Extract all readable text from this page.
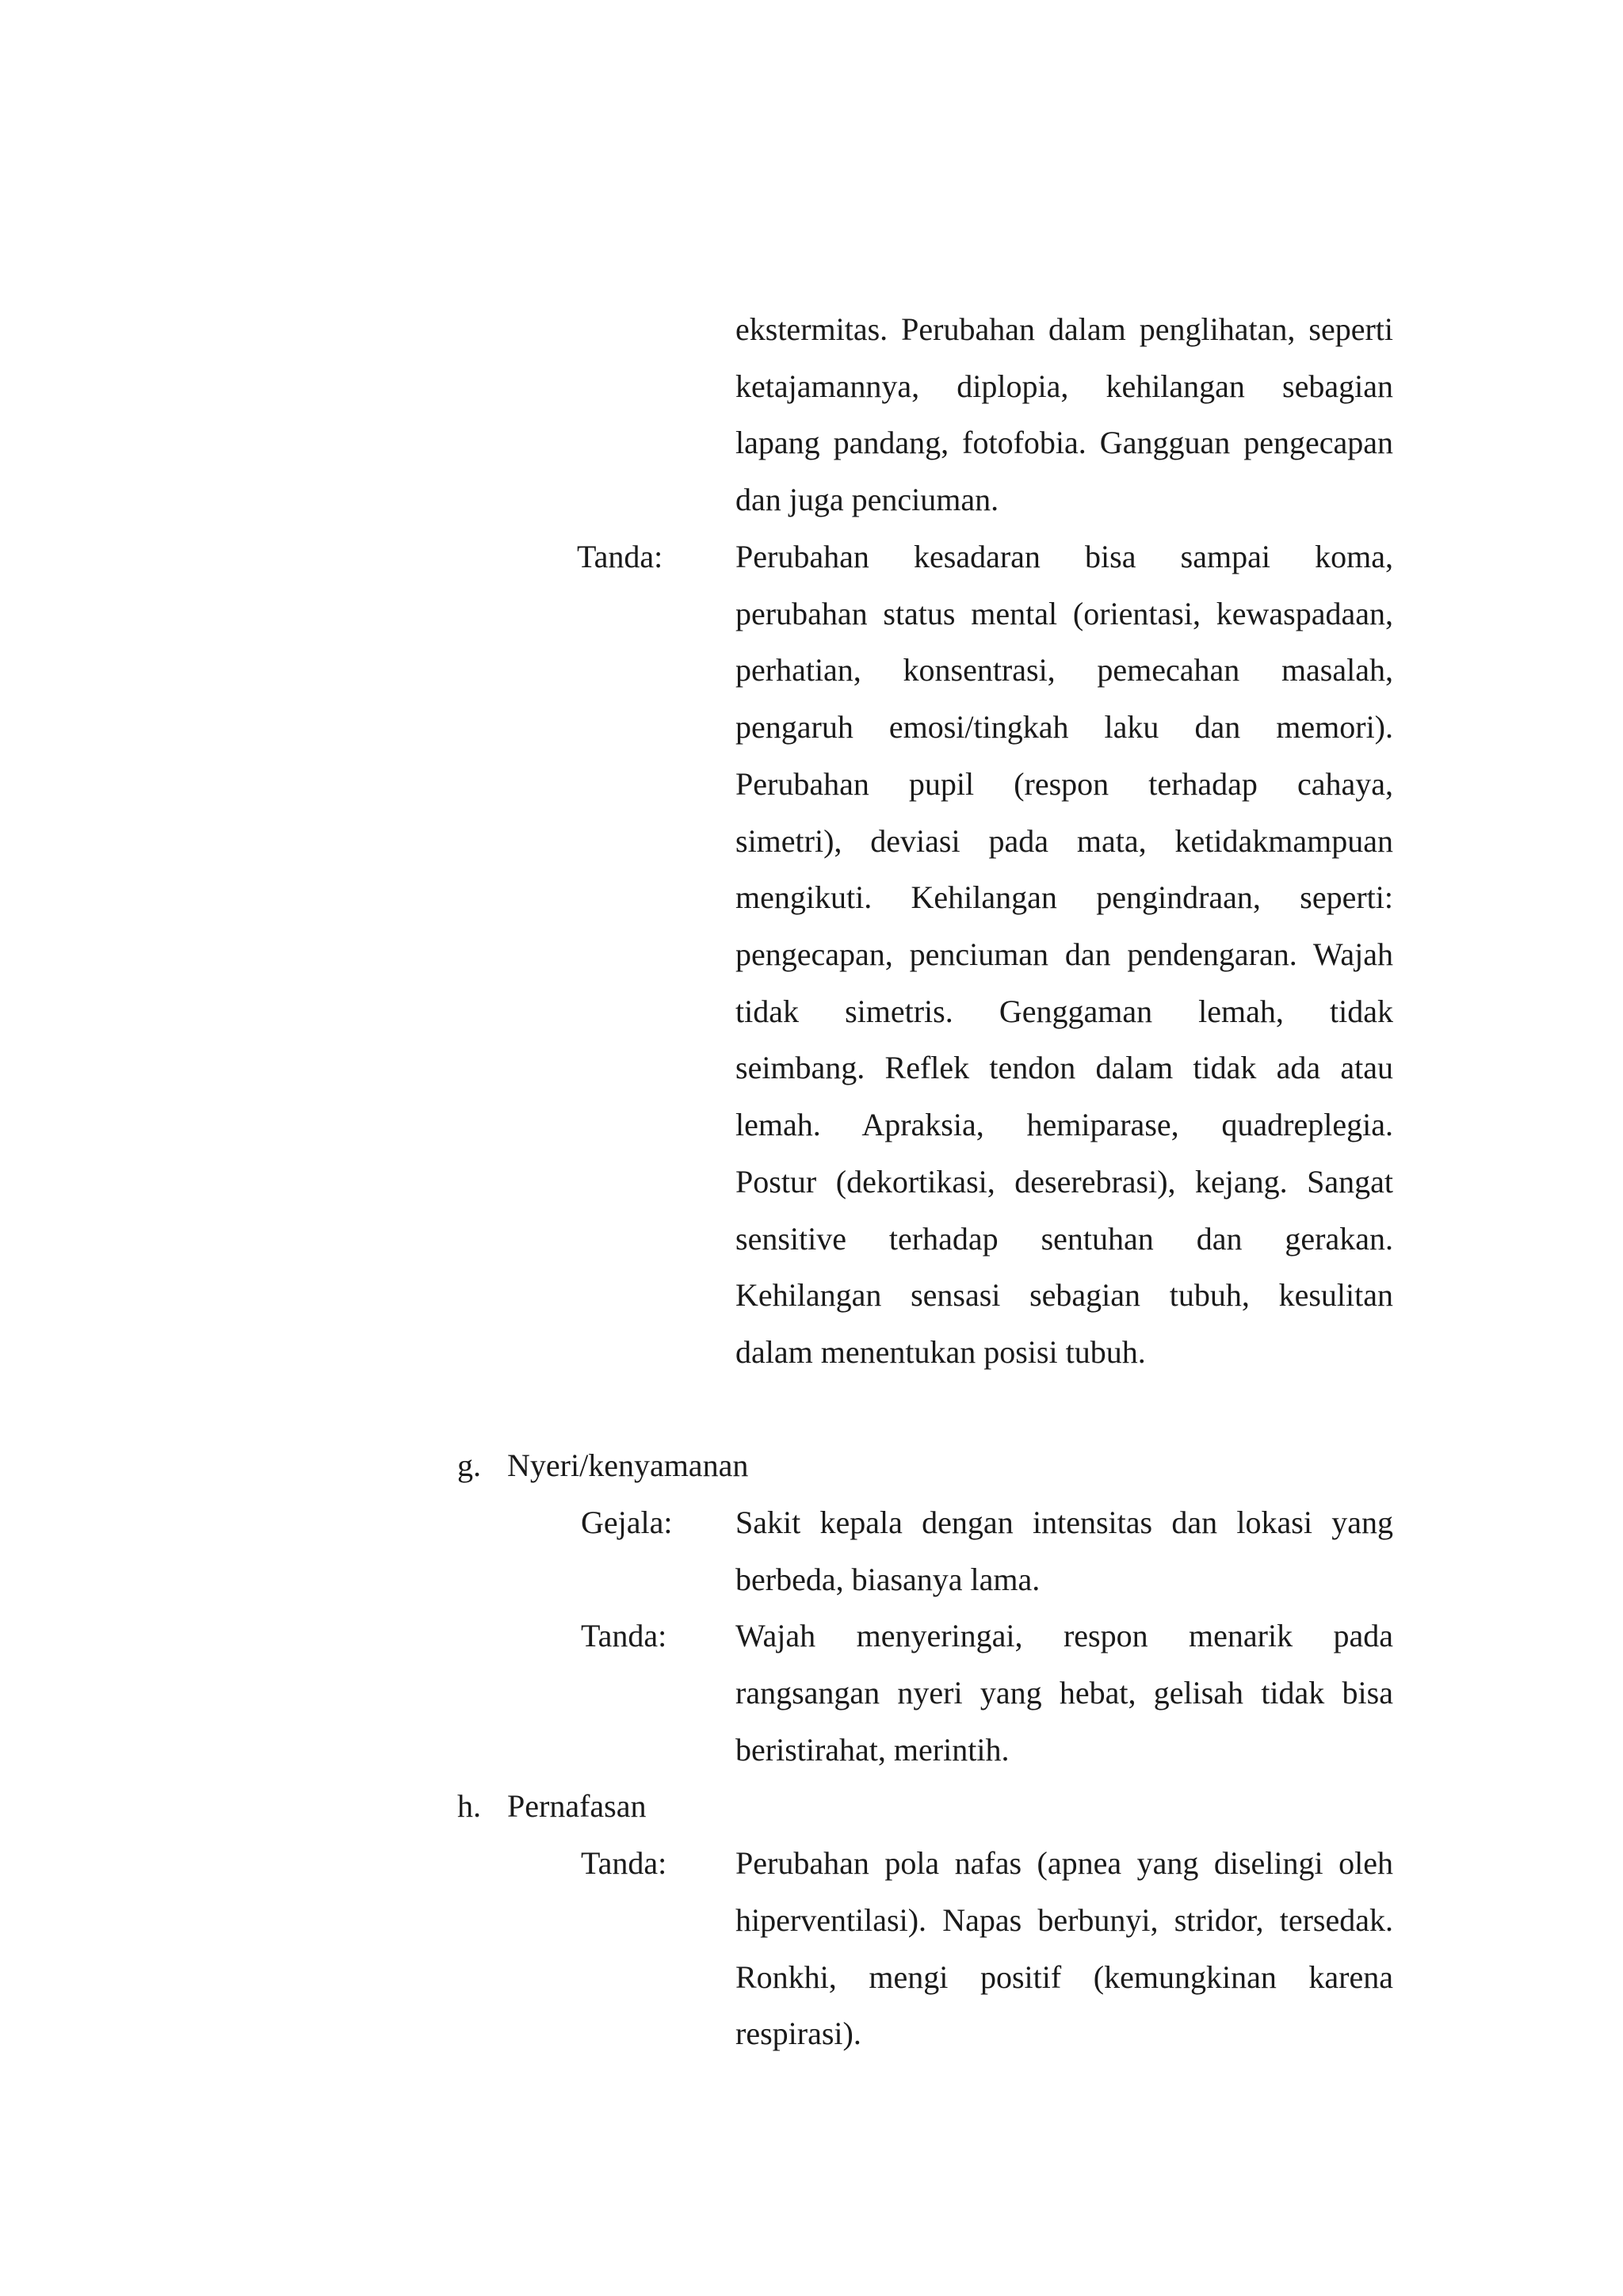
ekstermitas. Perubahan dalam penglihatan, seperti
ketajamannya, diplopia, kehilangan sebagian
lapang pandang, fotofobia. Gangguan pengecapan
dan juga penciuman.
Tanda: Perubahan kesadaran bisa sampai koma,
perubahan status mental (orientasi, kewaspadaan,
perhatian, konsentrasi, pemecahan masalah,
pengaruh emosi/tingkah laku dan memori).
Perubahan pupil (respon terhadap cahaya,
simetri), deviasi pada mata, ketidakmampuan
mengikuti. Kehilangan pengindraan, seperti:
pengecapan, penciuman dan pendengaran. Wajah
tidak simetris. Genggaman lemah, tidak
seimbang. Reflek tendon dalam tidak ada atau
lemah. Apraksia, hemiparase, quadreplegia.
Postur (dekortikasi, deserebrasi), kejang. Sangat
sensitive terhadap sentuhan dan gerakan.
Kehilangan sensasi sebagian tubuh, kesulitan
dalam menentukan posisi tubuh.
g. Nyeri/kenyamanan
Gejala: Sakit kepala dengan intensitas dan lokasi yang
berbeda, biasanya lama.
Tanda: Wajah menyeringai, respon menarik pada
rangsangan nyeri yang hebat, gelisah tidak bisa
beristirahat, merintih.
h. Pernafasan
Tanda: Perubahan pola nafas (apnea yang diselingi oleh
hiperventilasi). Napas berbunyi, stridor, tersedak.
Ronkhi, mengi positif (kemungkinan karena
respirasi).
